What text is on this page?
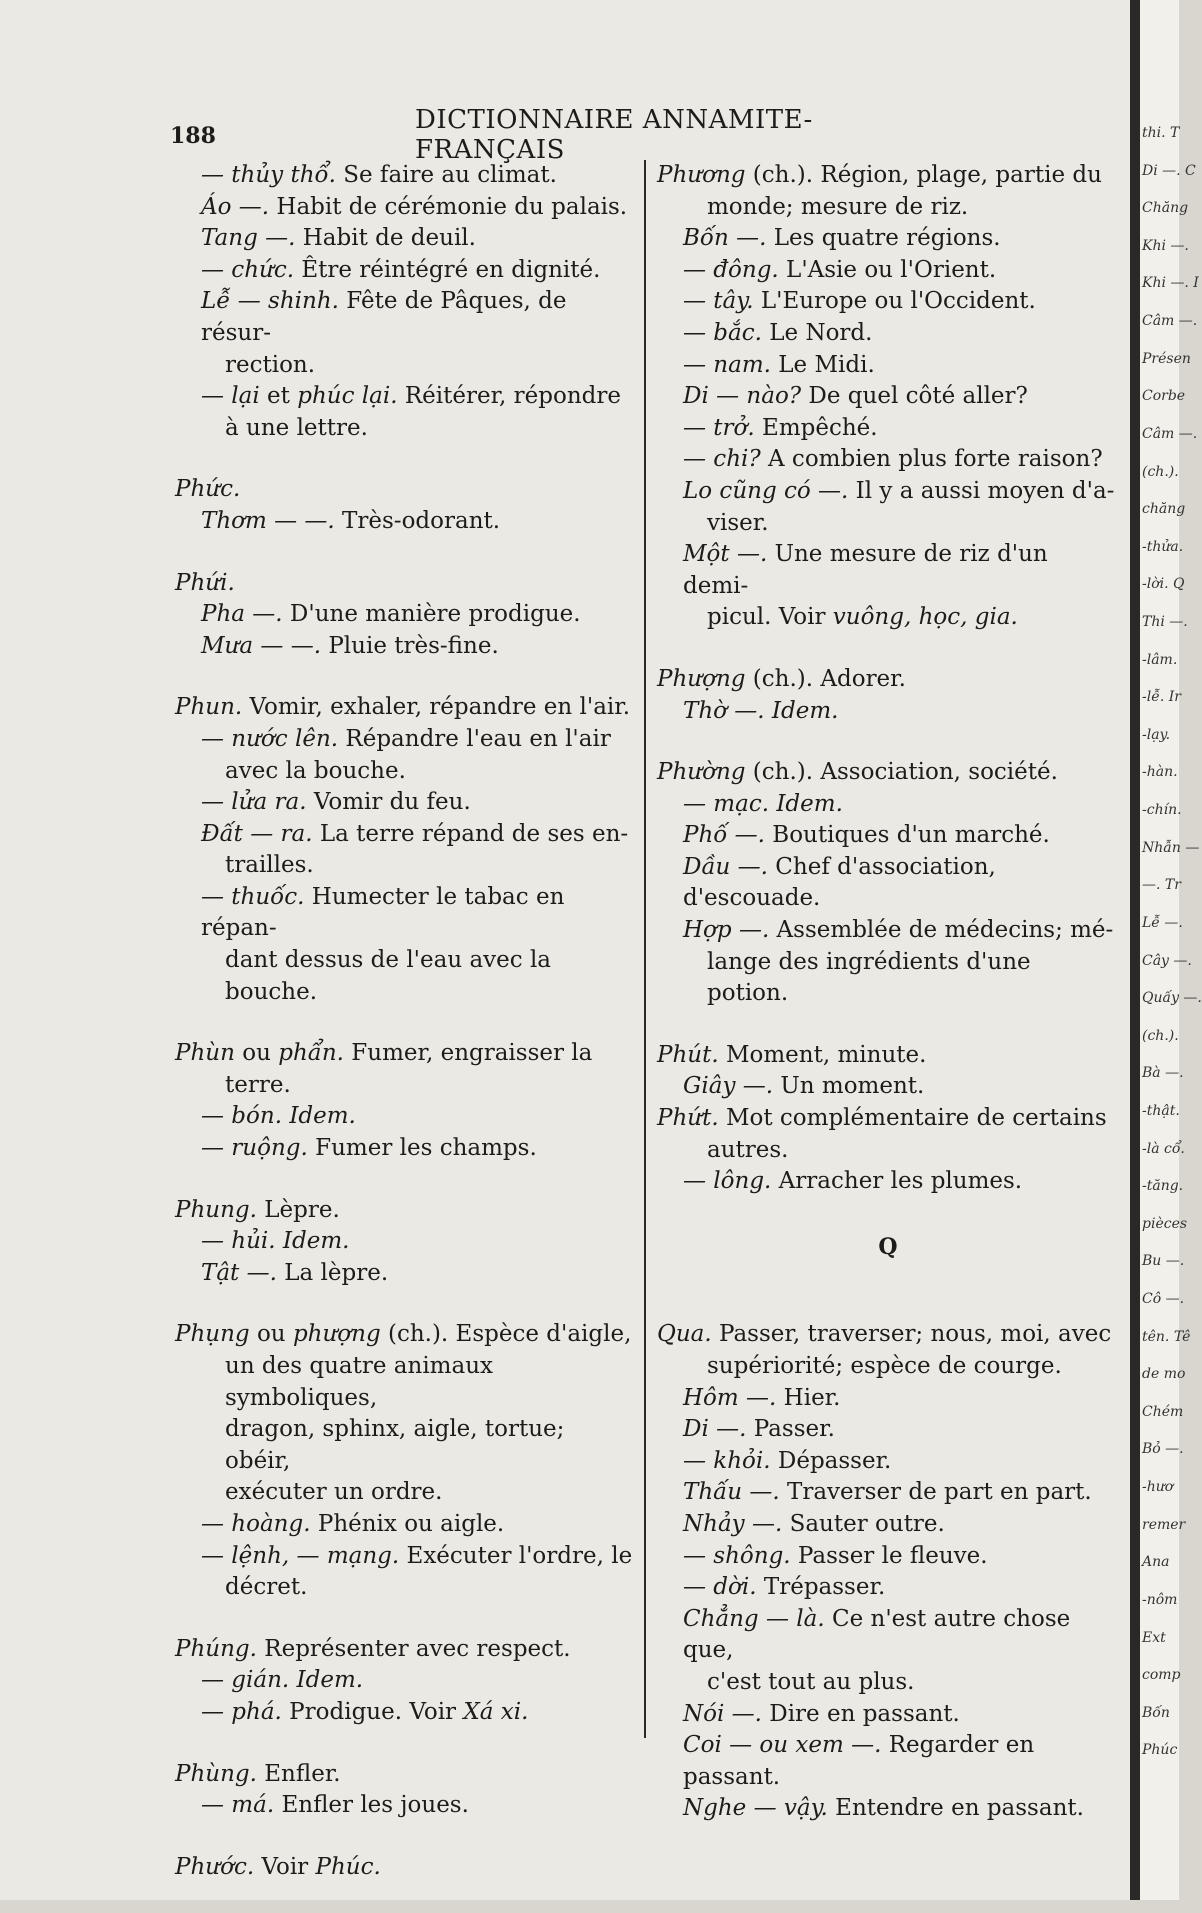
188
DICTIONNAIRE ANNAMITE-FRANÇAIS
— thủy thổ. Se faire au climat.
Áo —. Habit de cérémonie du palais.
Tang —. Habit de deuil.
— chức. Être réintégré en dignité.
Lễ — shinh. Fête de Pâques, de résur-
rection.
— lại et phúc lại. Réitérer, répondre
à une lettre.
Phức.
Thơm — —. Très-odorant.
Phứi.
Pha —. D'une manière prodigue.
Mưa — —. Pluie très-fine.
Phun. Vomir, exhaler, répandre en l'air.
— nước lên. Répandre l'eau en l'air
avec la bouche.
— lửa ra. Vomir du feu.
Đất — ra. La terre répand de ses en-
trailles.
— thuốc. Humecter le tabac en répan-
dant dessus de l'eau avec la bouche.
Phùn ou phẩn. Fumer, engraisser la
terre.
— bón. Idem.
— ruộng. Fumer les champs.
Phung. Lèpre.
— hủi. Idem.
Tật —. La lèpre.
Phụng ou phượng (ch.). Espèce d'aigle,
un des quatre animaux symboliques,
dragon, sphinx, aigle, tortue; obéir,
exécuter un ordre.
— hoàng. Phénix ou aigle.
— lệnh, — mạng. Exécuter l'ordre, le
décret.
Phúng. Représenter avec respect.
— gián. Idem.
— phá. Prodigue. Voir Xá xi.
Phùng. Enfler.
— má. Enfler les joues.
Phước. Voir Phúc.
Phương (ch.). Région, plage, partie du
monde; mesure de riz.
Bốn —. Les quatre régions.
— đông. L'Asie ou l'Orient.
— tây. L'Europe ou l'Occident.
— bắc. Le Nord.
— nam. Le Midi.
Di — nào? De quel côté aller?
— trở. Empêché.
— chi? A combien plus forte raison?
Lo cũng có —. Il y a aussi moyen d'a-
viser.
Một —. Une mesure de riz d'un demi-
picul. Voir vuông, học, gia.
Phượng (ch.). Adorer.
Thờ —. Idem.
Phường (ch.). Association, société.
— mạc. Idem.
Phố —. Boutiques d'un marché.
Dầu —. Chef d'association, d'escouade.
Hợp —. Assemblée de médecins; mé-
lange des ingrédients d'une potion.
Phút. Moment, minute.
Giây —. Un moment.
Phứt. Mot complémentaire de certains
autres.
— lông. Arracher les plumes.
Q
Qua. Passer, traverser; nous, moi, avec
supériorité; espèce de courge.
Hôm —. Hier.
Di —. Passer.
— khỏi. Dépasser.
Thấu —. Traverser de part en part.
Nhảy —. Sauter outre.
— shông. Passer le fleuve.
— dời. Trépasser.
Chẳng — là. Ce n'est autre chose que,
c'est tout au plus.
Nói —. Dire en passant.
Coi — ou xem —. Regarder en passant.
Nghe — vậy. Entendre en passant.
thi. T
Di —. C
Chăng
Khi —.
Khi —. I
Câm —.
Présen
Corbe
Câm —.
(ch.).
chăng
-thửa.
-lời. Q
Thi —.
-lâm.
-lễ. Ir
-lạy.
-hàn.
-chín.
Nhẫn —
—. Tr
Lễ —.
Cây —.
Quấy —.
(ch.).
Bà —.
-thật.
-là cổ.
-tăng.
pièces
Bu —.
Cô —.
tên. Tê
de mo
Chém
Bỏ —.
-hươ
remer
Ana
-nôm
Ext
comp
Bốn
Phúc
